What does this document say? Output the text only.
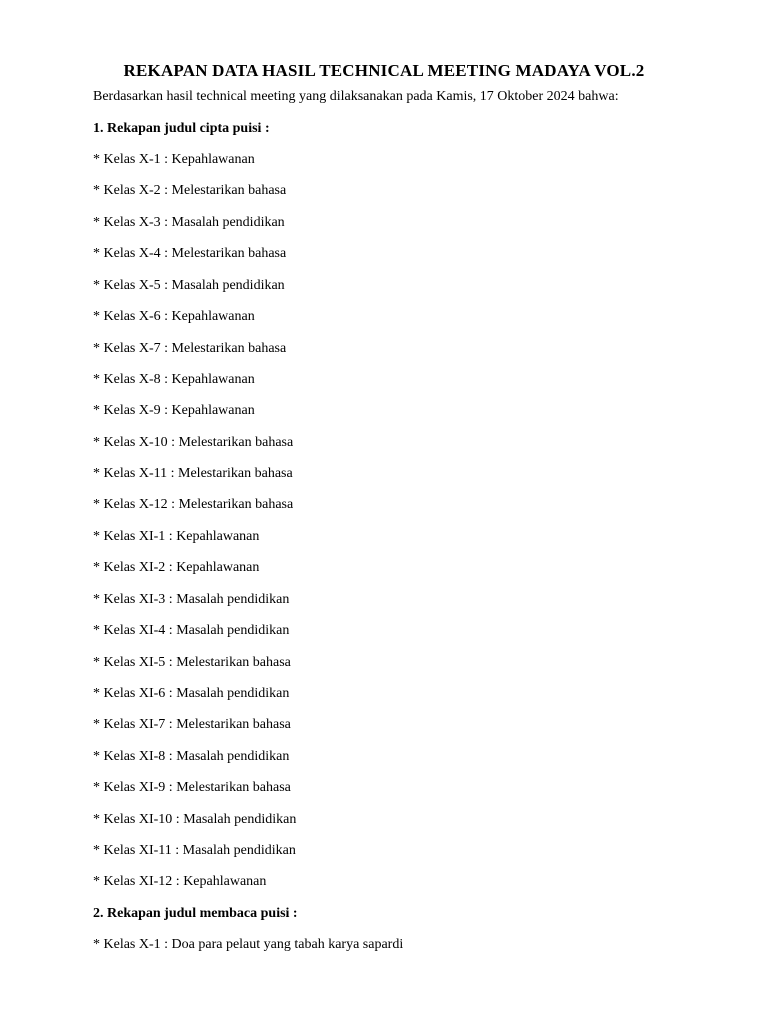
REKAPAN DATA HASIL TECHNICAL MEETING MADAYA VOL.2

Berdasarkan hasil technical meeting yang dilaksanakan pada Kamis, 17 Oktober 2024 bahwa:

1. Rekapan judul cipta puisi :

* Kelas X-1 : Kepahlawanan

* Kelas X-2 : Melestarikan bahasa

* Kelas X-3 : Masalah pendidikan

* Kelas X-4 : Melestarikan bahasa

* Kelas X-5 : Masalah pendidikan

* Kelas X-6 : Kepahlawanan

* Kelas X-7 : Melestarikan bahasa

* Kelas X-8 : Kepahlawanan

* Kelas X-9 : Kepahlawanan

* Kelas X-10 : Melestarikan bahasa

* Kelas X-11 : Melestarikan bahasa

* Kelas X-12 : Melestarikan bahasa

* Kelas XI-1 : Kepahlawanan

* Kelas XI-2 : Kepahlawanan

* Kelas XI-3 : Masalah pendidikan

* Kelas XI-4 : Masalah pendidikan

* Kelas XI-5 : Melestarikan bahasa

* Kelas XI-6 : Masalah pendidikan

* Kelas XI-7 : Melestarikan bahasa

* Kelas XI-8 : Masalah pendidikan

* Kelas XI-9 : Melestarikan bahasa

* Kelas XI-10 : Masalah pendidikan

* Kelas XI-11 : Masalah pendidikan

* Kelas XI-12 : Kepahlawanan

2. Rekapan judul membaca puisi :

* Kelas X-1 : Doa para pelaut yang tabah karya sapardi
